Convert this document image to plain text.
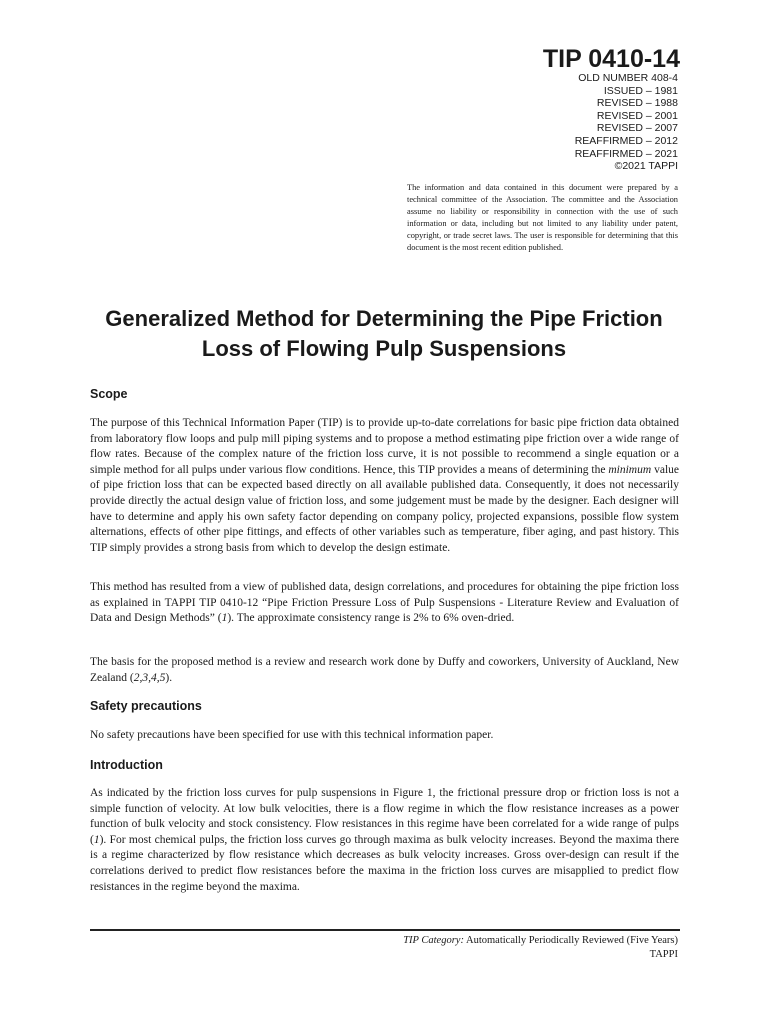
TIP 0410-14
OLD NUMBER 408-4
ISSUED – 1981
REVISED – 1988
REVISED – 2001
REVISED – 2007
REAFFIRMED – 2012
REAFFIRMED – 2021
©2021 TAPPI
The information and data contained in this document were prepared by a technical committee of the Association. The committee and the Association assume no liability or responsibility in connection with the use of such information or data, including but not limited to any liability under patent, copyright, or trade secret laws. The user is responsible for determining that this document is the most recent edition published.
Generalized Method for Determining the Pipe Friction
Loss of Flowing Pulp Suspensions
Scope

The purpose of this Technical Information Paper (TIP) is to provide up-to-date correlations for basic pipe friction data obtained from laboratory flow loops and pulp mill piping systems and to propose a method estimating pipe friction over a wide range of flow rates. Because of the complex nature of the friction loss curve, it is not possible to recommend a single equation or a simple method for all pulps under various flow conditions. Hence, this TIP provides a means of determining the minimum value of pipe friction loss that can be expected based directly on all available published data. Consequently, it does not necessarily provide directly the actual design value of friction loss, and some judgement must be made by the designer. Each designer will have to determine and apply his own safety factor depending on company policy, projected expansions, possible flow system alternations, effects of other pipe fittings, and effects of other variables such as temperature, fiber aging, and past history. This TIP simply provides a strong basis from which to develop the design estimate.

This method has resulted from a view of published data, design correlations, and procedures for obtaining the pipe friction loss as explained in TAPPI TIP 0410-12 “Pipe Friction Pressure Loss of Pulp Suspensions - Literature Review and Evaluation of Data and Design Methods” (1). The approximate consistency range is 2% to 6% oven-dried.

The basis for the proposed method is a review and research work done by Duffy and coworkers, University of Auckland, New Zealand (2,3,4,5).

Safety precautions

No safety precautions have been specified for use with this technical information paper.

Introduction

As indicated by the friction loss curves for pulp suspensions in Figure 1, the frictional pressure drop or friction loss is not a simple function of velocity. At low bulk velocities, there is a flow regime in which the flow resistance increases as a power function of bulk velocity and stock consistency. Flow resistances in this regime have been correlated for a wide range of pulps (1). For most chemical pulps, the friction loss curves go through maxima as bulk velocity increases. Beyond the maxima there is a regime characterized by flow resistance which decreases as bulk velocity increases. Gross over-design can result if the correlations derived to predict flow resistances before the maxima in the friction loss curves are misapplied to predict flow resistances in the regime beyond the maxima.

TIP Category: Automatically Periodically Reviewed (Five Years)
TAPPI
